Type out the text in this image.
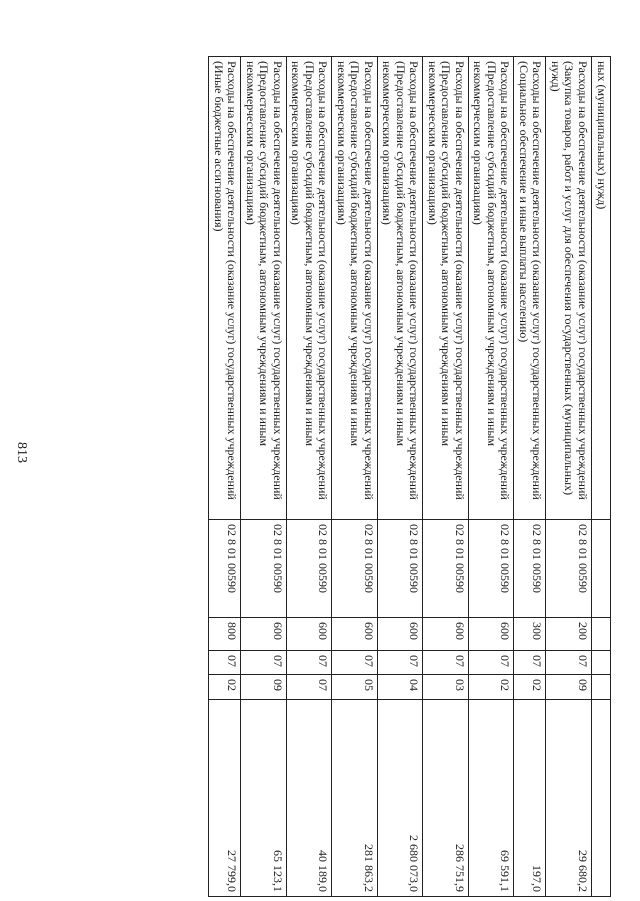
813
ных (муниципальных) нужд)					
Расходы на обеспечение деятельности (оказание услуг) государственных учреждений (Закупка товаров, работ и услуг для обеспечения государственных (муниципальных) нужд)	02 8 01 00590	200	07	09	29 680,2
Расходы на обеспечение деятельности (оказание услуг) государственных учреждений (Социальное обеспечение и иные выплаты населению)	02 8 01 00590	300	07	02	197,0
Расходы на обеспечение деятельности (оказание услуг) государственных учреждений (Предоставление субсидий бюджетным, автономным учреждениям и иным некоммерческим организациям)	02 8 01 00590	600	07	02	69 591,1
Расходы на обеспечение деятельности (оказание услуг) государственных учреждений (Предоставление субсидий бюджетным, автономным учреждениям и иным некоммерческим организациям)	02 8 01 00590	600	07	03	286 751,9
Расходы на обеспечение деятельности (оказание услуг) государственных учреждений (Предоставление субсидий бюджетным, автономным учреждениям и иным некоммерческим организациям)	02 8 01 00590	600	07	04	2 680 073,0
Расходы на обеспечение деятельности (оказание услуг) государственных учреждений (Предоставление субсидий бюджетным, автономным учреждениям и иным некоммерческим организациям)	02 8 01 00590	600	07	05	281 863,2
Расходы на обеспечение деятельности (оказание услуг) государственных учреждений (Предоставление субсидий бюджетным, автономным учреждениям и иным некоммерческим организациям)	02 8 01 00590	600	07	07	40 189,0
Расходы на обеспечение деятельности (оказание услуг) государственных учреждений (Предоставление субсидий бюджетным, автономным учреждениям и иным некоммерческим организациям)	02 8 01 00590	600	07	09	65 123,1
Расходы на обеспечение деятельности (оказание услуг) государственных учреждений (Иные бюджетные ассигнования)	02 8 01 00590	800	07	02	27 799,0
